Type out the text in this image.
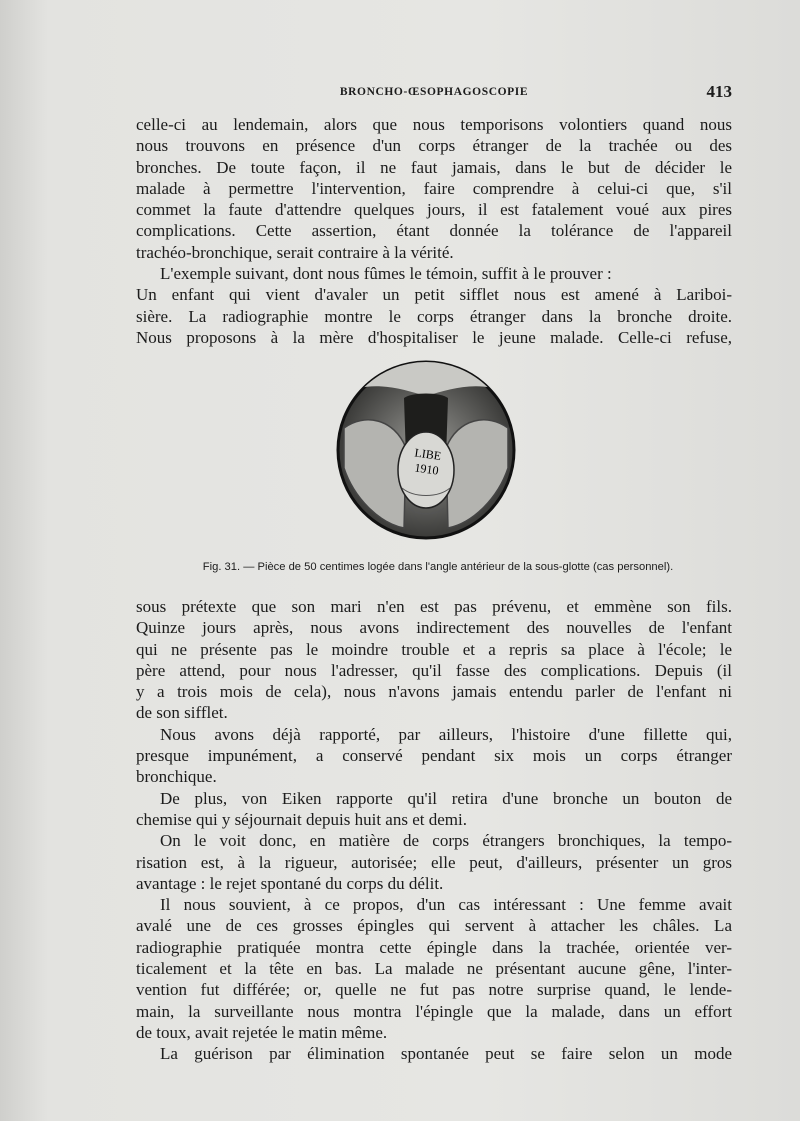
BRONCHO-ŒSOPHAGOSCOPIE	413
celle-ci au lendemain, alors que nous temporisons volontiers quand nous
nous trouvons en présence d'un corps étranger de la trachée ou des
bronches. De toute façon, il ne faut jamais, dans le but de décider le
malade à permettre l'intervention, faire comprendre à celui-ci que, s'il
commet la faute d'attendre quelques jours, il est fatalement voué aux pires
complications. Cette assertion, étant donnée la tolérance de l'appareil
trachéo-bronchique, serait contraire à la vérité.
L'exemple suivant, dont nous fûmes le témoin, suffit à le prouver :
Un enfant qui vient d'avaler un petit sifflet nous est amené à Lariboi-
sière. La radiographie montre le corps étranger dans la bronche droite.
Nous proposons à la mère d'hospitaliser le jeune malade. Celle-ci refuse,
LIBE
1910
Fig. 31. — Pièce de 50 centimes logée dans l'angle antérieur de la sous-glotte (cas personnel).
sous prétexte que son mari n'en est pas prévenu, et emmène son fils.
Quinze jours après, nous avons indirectement des nouvelles de l'enfant
qui ne présente pas le moindre trouble et a repris sa place à l'école; le
père attend, pour nous l'adresser, qu'il fasse des complications. Depuis (il
y a trois mois de cela), nous n'avons jamais entendu parler de l'enfant ni
de son sifflet.
Nous avons déjà rapporté, par ailleurs, l'histoire d'une fillette qui,
presque impunément, a conservé pendant six mois un corps étranger
bronchique.
De plus, von Eiken rapporte qu'il retira d'une bronche un bouton de
chemise qui y séjournait depuis huit ans et demi.
On le voit donc, en matière de corps étrangers bronchiques, la tempo-
risation est, à la rigueur, autorisée; elle peut, d'ailleurs, présenter un gros
avantage : le rejet spontané du corps du délit.
Il nous souvient, à ce propos, d'un cas intéressant : Une femme avait
avalé une de ces grosses épingles qui servent à attacher les châles. La
radiographie pratiquée montra cette épingle dans la trachée, orientée ver-
ticalement et la tête en bas. La malade ne présentant aucune gêne, l'inter-
vention fut différée; or, quelle ne fut pas notre surprise quand, le lende-
main, la surveillante nous montra l'épingle que la malade, dans un effort
de toux, avait rejetée le matin même.
La guérison par élimination spontanée peut se faire selon un mode
